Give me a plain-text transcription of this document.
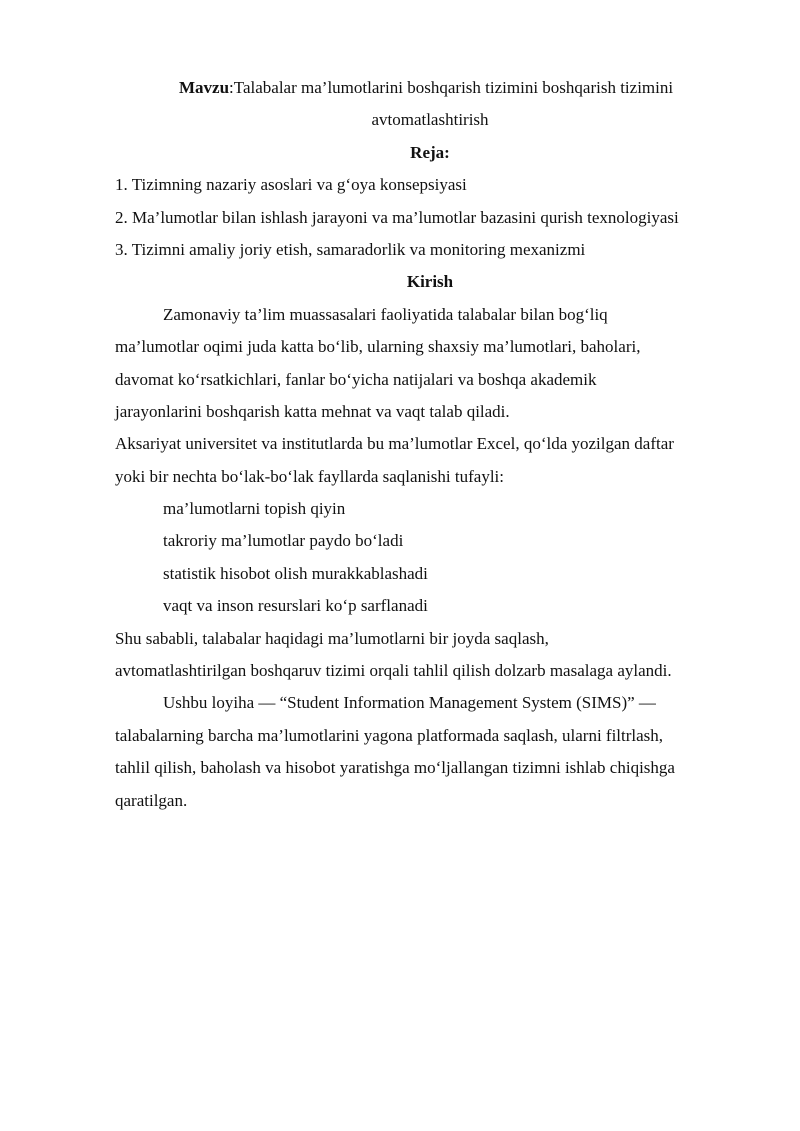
Mavzu:Talabalar ma’lumotlarini boshqarish tizimini boshqarish tizimini
avtomatlashtirish
Reja:
1. Tizimning nazariy asoslari va g‘oya konsepsiyasi
2. Ma’lumotlar bilan ishlash jarayoni va ma’lumotlar bazasini qurish texnologiyasi
3. Tizimni amaliy joriy etish, samaradorlik va monitoring mexanizmi
Kirish
Zamonaviy ta’lim muassasalari faoliyatida talabalar bilan bog‘liq
ma’lumotlar oqimi juda katta bo‘lib, ularning shaxsiy ma’lumotlari, baholari,
davomat ko‘rsatkichlari, fanlar bo‘yicha natijalari va boshqa akademik
jarayonlarini boshqarish katta mehnat va vaqt talab qiladi.
Aksariyat universitet va institutlarda bu ma’lumotlar Excel, qo‘lda yozilgan daftar
yoki bir nechta bo‘lak-bo‘lak fayllarda saqlanishi tufayli:
ma’lumotlarni topish qiyin
takroriy ma’lumotlar paydo bo‘ladi
statistik hisobot olish murakkablashadi
vaqt va inson resurslari ko‘p sarflanadi
Shu sababli, talabalar haqidagi ma’lumotlarni bir joyda saqlash,
avtomatlashtirilgan boshqaruv tizimi orqali tahlil qilish dolzarb masalaga aylandi.
Ushbu loyiha — “Student Information Management System (SIMS)” —
talabalarning barcha ma’lumotlarini yagona platformada saqlash, ularni filtrlash,
tahlil qilish, baholash va hisobot yaratishga mo‘ljallangan tizimni ishlab chiqishga
qaratilgan.
